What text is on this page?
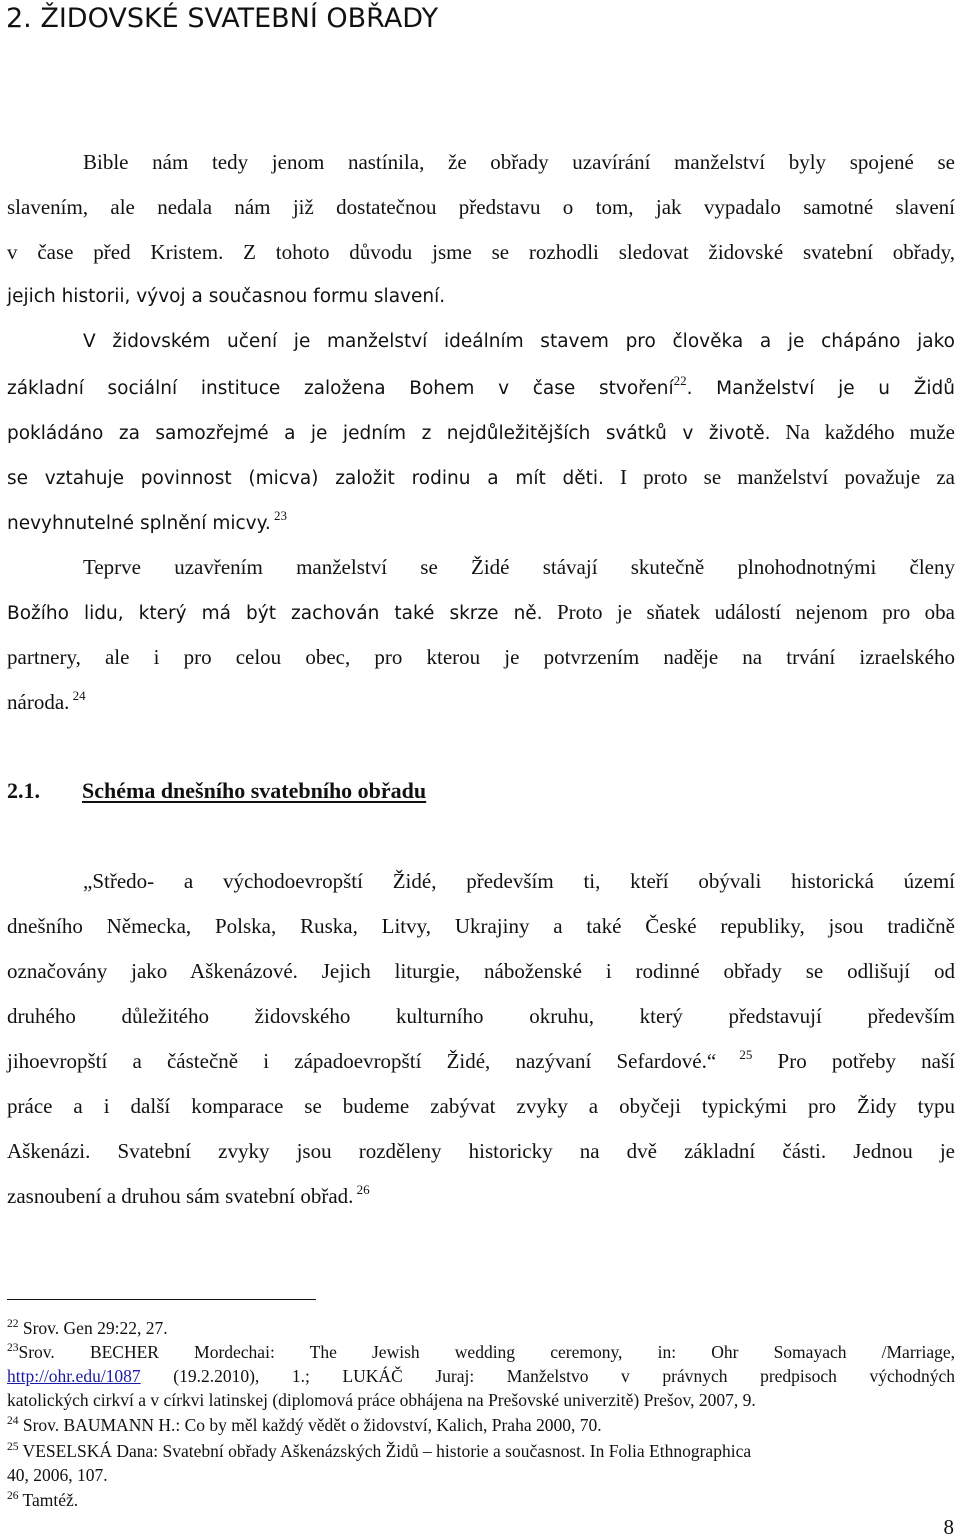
2. ŽIDOVSKÉ SVATEBNÍ OBŘADY
Bible nám tedy jenom nastínila, že obřady uzavírání manželství byly spojené se
slavením, ale nedala nám již dostatečnou představu o tom, jak vypadalo samotné slavení
v čase před Kristem. Z tohoto důvodu jsme se rozhodli sledovat židovské svatební obřady,
jejich historii, vývoj a současnou formu slavení.
V židovském učení je manželství ideálním stavem pro člověka a je chápáno jako
základní sociální instituce založena Bohem v čase stvoření$^{22}$. Manželství je u Židů
pokládáno za samozřejmé a je jedním z nejdůležitějších svátků v životě. Na každého muže
se vztahuje povinnost (micva) založit rodinu a mít děti. I proto se manželství považuje za
nevyhnutelné splnění micvy. $^{23}$
Teprve uzavřením manželství se Židé stávají skutečně plnohodnotnými členy
Božího lidu, který má být zachován také skrze ně. Proto je sňatek událostí nejenom pro oba
partnery, ale i pro celou obec, pro kterou je potvrzením naděje na trvání izraelského
národa. $^{24}$
2.1. Schéma dnešního svatebního obřadu
„Středo- a východoevropští Židé, především ti, kteří obývali historická území
dnešního Německa, Polska, Ruska, Litvy, Ukrajiny a také České republiky, jsou tradičně
označovány jako Aškenázové. Jejich liturgie, náboženské i rodinné obřady se odlišují od
druhého důležitého židovského kulturního okruhu, který představují především
jihoevropští a částečně i západoevropští Židé, nazývaní Sefardové.“ $^{25}$ Pro potřeby naší
práce a i další komparace se budeme zabývat zvyky a obyčeji typickými pro Židy typu
Aškenázi. Svatební zvyky jsou rozděleny historicky na dvě základní části. Jednou je
zasnoubení a druhou sám svatební obřad. $^{26}$
$^{22}$ Srov. Gen 29:22, 27.
$^{23}$Srov. BECHER Mordechai: The Jewish wedding ceremony, in: Ohr Somayach /Marriage,
http://ohr.edu/1087 (19.2.2010), 1.; LUKÁČ Juraj: Manželstvo v právnych predpisoch východných
katolických cirkví a v církvi latinskej (diplomová práce obhájena na Prešovské univerzitě) Prešov, 2007, 9.
$^{24}$ Srov. BAUMANN H.: Co by měl každý vědět o židovství, Kalich, Praha 2000, 70.
$^{25}$ VESELSKÁ Dana: Svatební obřady Aškenázských Židů – historie a současnost. In Folia Ethnographica
40, 2006, 107.
$^{26}$ Tamtéž.
8
